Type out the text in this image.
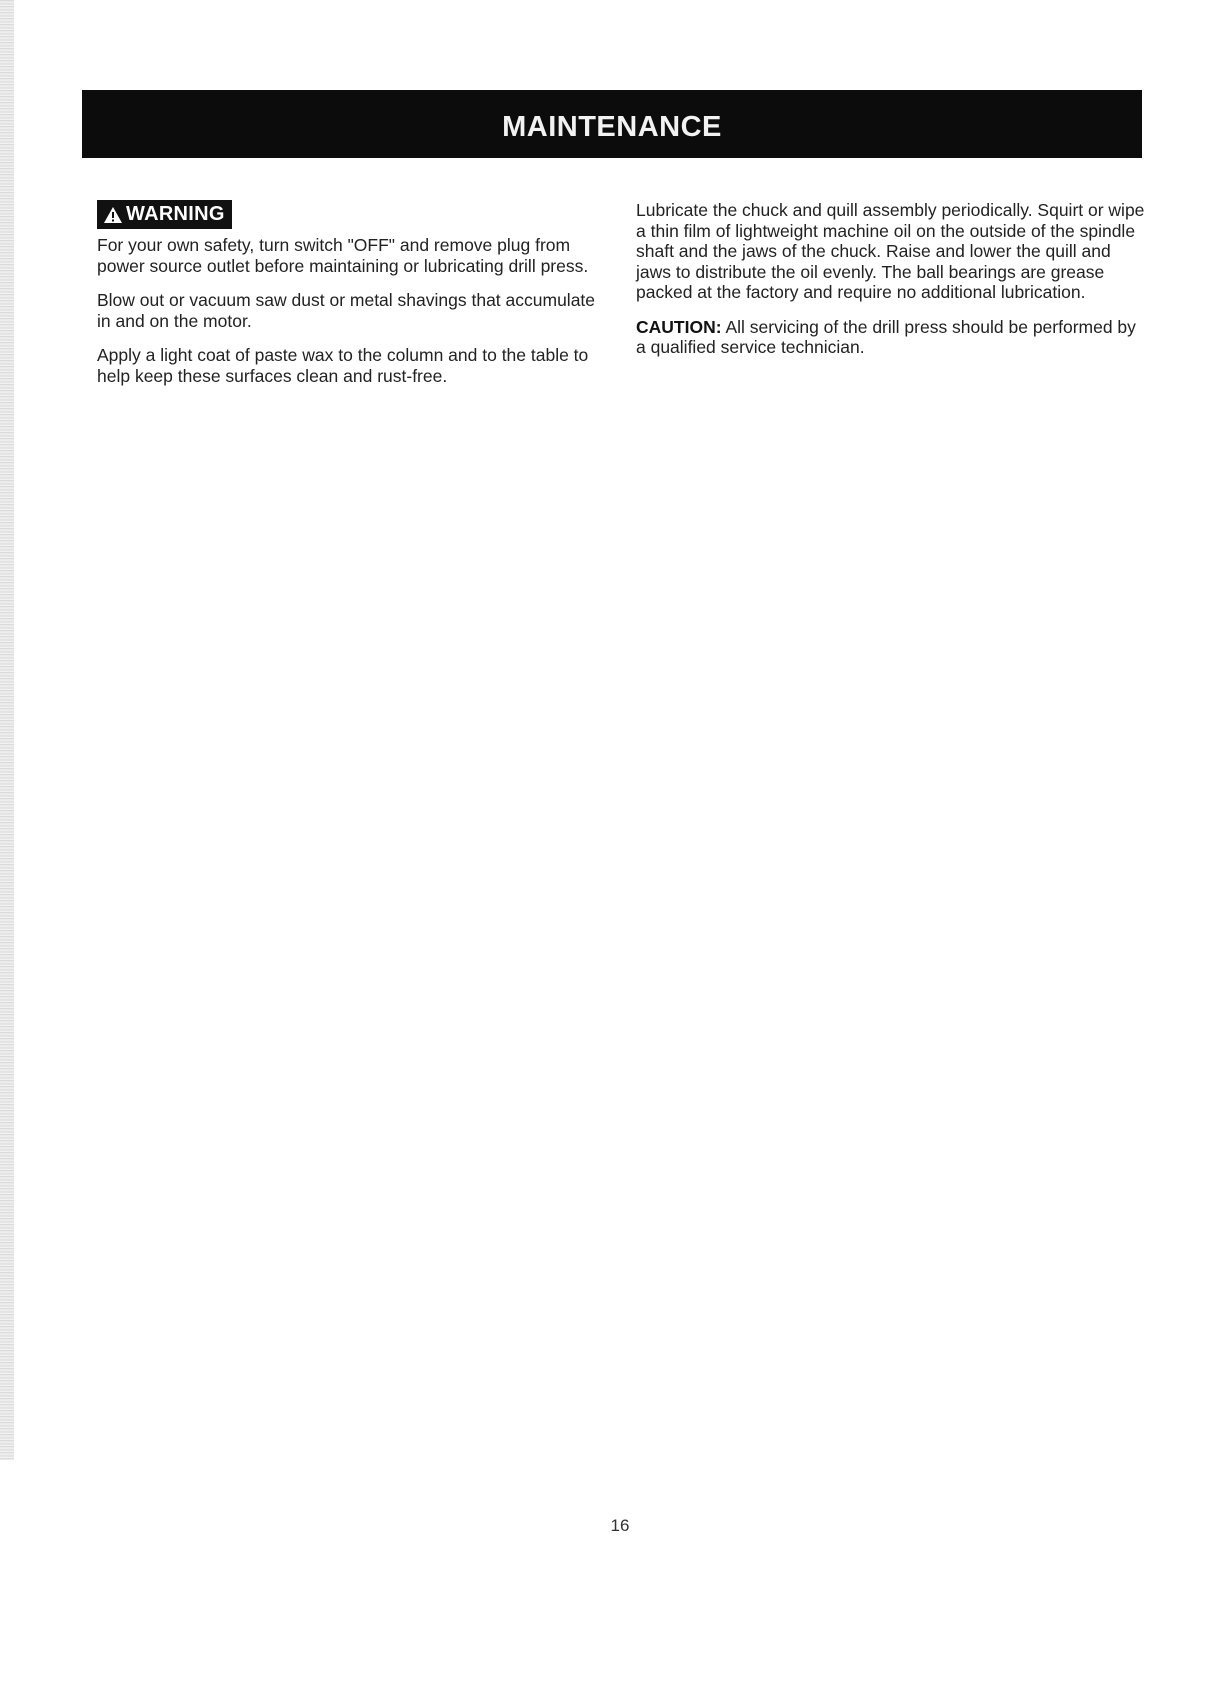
MAINTENANCE
WARNING

For your own safety, turn switch "OFF" and remove plug from power source outlet before maintaining or lubricating drill press.

Blow out or vacuum saw dust or metal shavings that accumulate in and on the motor.

Apply a light coat of paste wax to the column and to the table to help keep these surfaces clean and rust-free.

Lubricate the chuck and quill assembly periodically. Squirt or wipe a thin film of lightweight machine oil on the outside of the spindle shaft and the jaws of the chuck. Raise and lower the quill and jaws to distribute the oil evenly. The ball bearings are grease packed at the factory and require no additional lubrication.

CAUTION: All servicing of the drill press should be performed by a qualified service technician.

16
